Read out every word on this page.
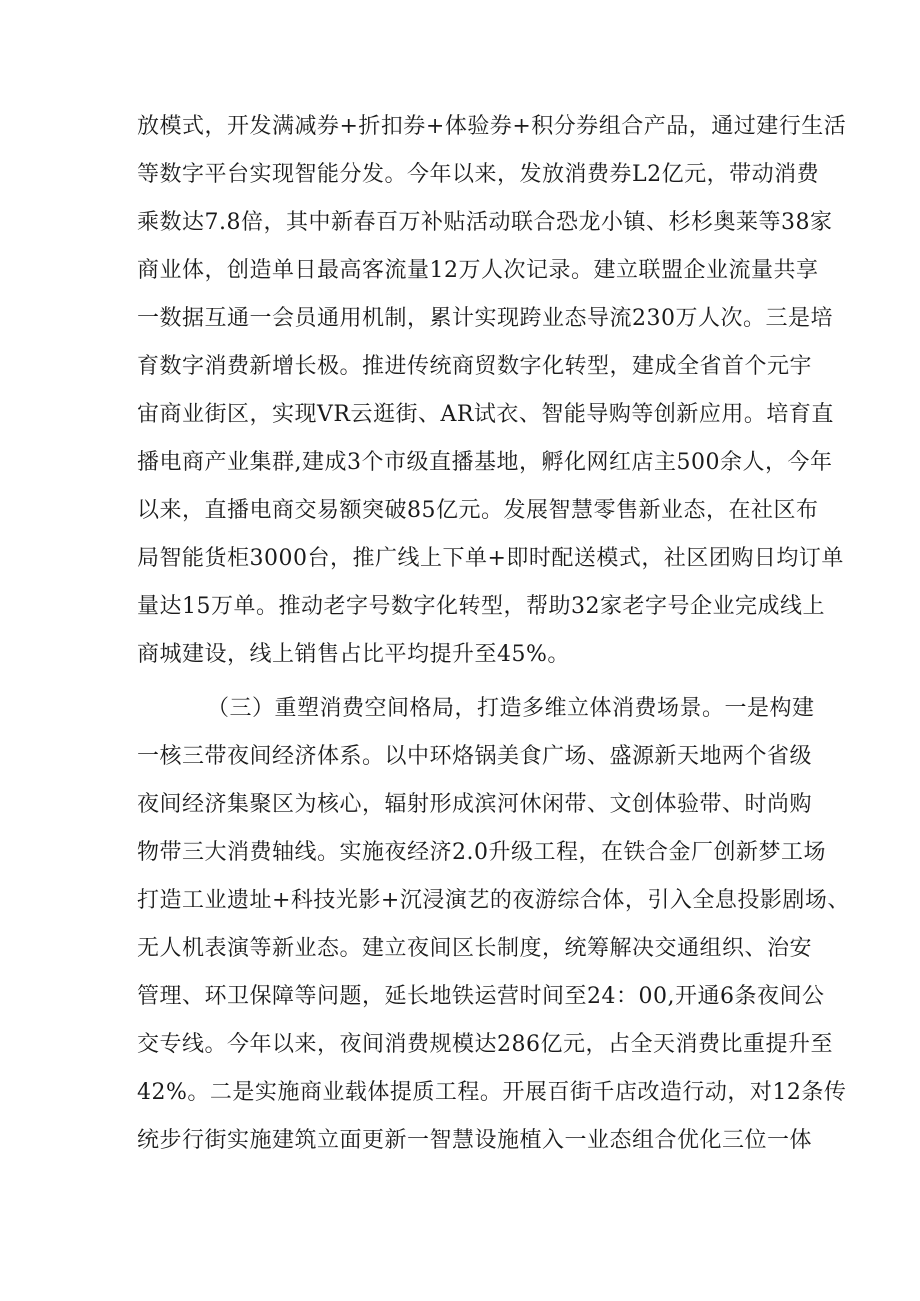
放模式，开发满减券+折扣券+体验券+积分券组合产品，通过建行生活
等数字平台实现智能分发。今年以来，发放消费券L2亿元，带动消费
乘数达7.8倍，其中新春百万补贴活动联合恐龙小镇、杉杉奥莱等38家
商业体，创造单日最高客流量12万人次记录。建立联盟企业流量共享
一数据互通一会员通用机制，累计实现跨业态导流230万人次。三是培
育数字消费新增长极。推进传统商贸数字化转型，建成全省首个元宇
宙商业街区，实现VR云逛街、AR试衣、智能导购等创新应用。培育直
播电商产业集群,建成3个市级直播基地，孵化网红店主500余人，今年
以来，直播电商交易额突破85亿元。发展智慧零售新业态，在社区布
局智能货柜3000台，推广线上下单+即时配送模式，社区团购日均订单
量达15万单。推动老字号数字化转型，帮助32家老字号企业完成线上
商城建设，线上销售占比平均提升至45%。
（三）重塑消费空间格局，打造多维立体消费场景。一是构建
一核三带夜间经济体系。以中环烙锅美食广场、盛源新天地两个省级
夜间经济集聚区为核心，辐射形成滨河休闲带、文创体验带、时尚购
物带三大消费轴线。实施夜经济2.0升级工程，在铁合金厂创新梦工场
打造工业遗址+科技光影+沉浸演艺的夜游综合体，引入全息投影剧场、
无人机表演等新业态。建立夜间区长制度，统筹解决交通组织、治安
管理、环卫保障等问题，延长地铁运营时间至24：00,开通6条夜间公
交专线。今年以来，夜间消费规模达286亿元，占全天消费比重提升至
42%。二是实施商业载体提质工程。开展百街千店改造行动，对12条传
统步行街实施建筑立面更新一智慧设施植入一业态组合优化三位一体
